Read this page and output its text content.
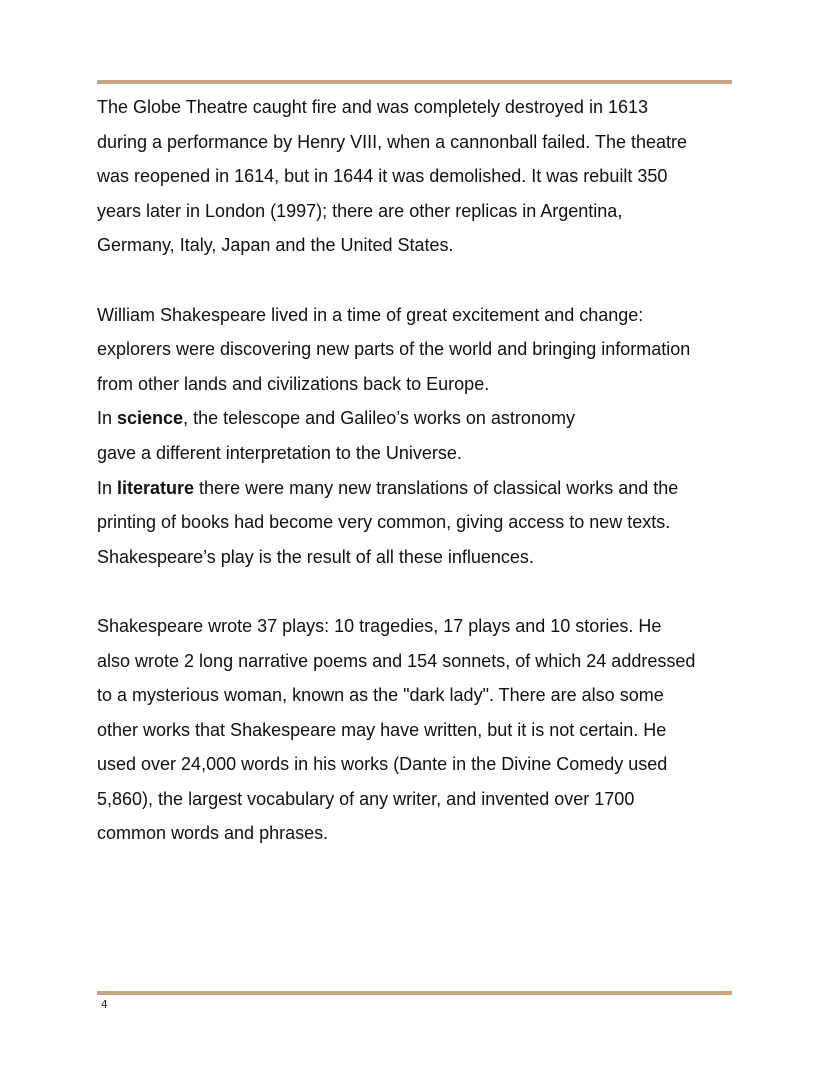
The Globe Theatre caught fire and was completely destroyed in 1613

during a performance by Henry VIII, when a cannonball failed. The theatre

was reopened in 1614, but in 1644 it was demolished. It was rebuilt 350

years later in London (1997); there are other replicas in Argentina,

Germany, Italy, Japan and the United States.

William Shakespeare lived in a time of great excitement and change:

explorers were discovering new parts of the world and bringing information

from other lands and civilizations back to Europe.

In science, the telescope and Galileo’s works on astronomy

gave a different interpretation to the Universe.

In literature there were many new translations of classical works and the

printing of books had become very common, giving access to new texts.

Shakespeare’s play is the result of all these influences.

Shakespeare wrote 37 plays: 10 tragedies, 17 plays and 10 stories. He

also wrote 2 long narrative poems and 154 sonnets, of which 24 addressed

to a mysterious woman, known as the "dark lady". There are also some

other works that Shakespeare may have written, but it is not certain. He

used over 24,000 words in his works (Dante in the Divine Comedy used

5,860), the largest vocabulary of any writer, and invented over 1700

common words and phrases.

4
